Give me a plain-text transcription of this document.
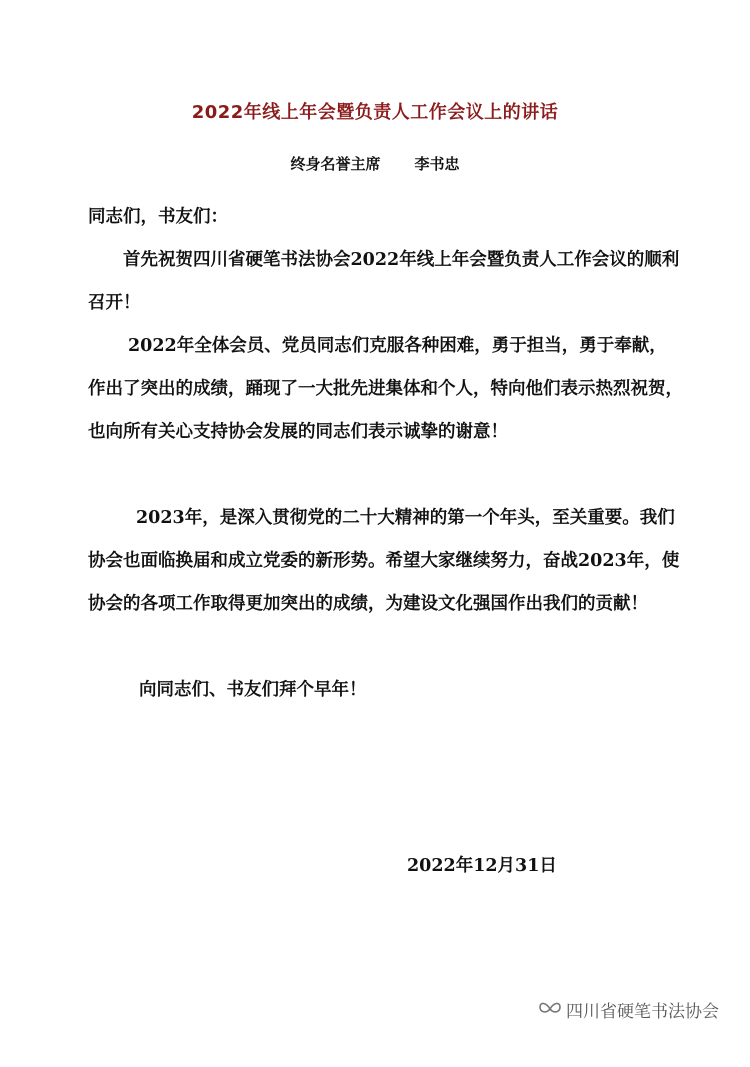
2022年线上年会暨负责人工作会议上的讲话
终身名誉主席 李书忠

同志们，书友们：

首先祝贺四川省硬笔书法协会2022年线上年会暨负责人工作会议的顺利召开！

2022年全体会员、党员同志们克服各种困难，勇于担当，勇于奉献，作出了突出的成绩，踊现了一大批先进集体和个人，特向他们表示热烈祝贺，也向所有关心支持协会发展的同志们表示诚挚的谢意！

2023年，是深入贯彻党的二十大精神的第一个年头，至关重要。我们协会也面临换届和成立党委的新形势。希望大家继续努力，奋战2023年，使协会的各项工作取得更加突出的成绩，为建设文化强国作出我们的贡献！

向同志们、书友们拜个早年！

2022年12月31日
四川省硬笔书法协会
